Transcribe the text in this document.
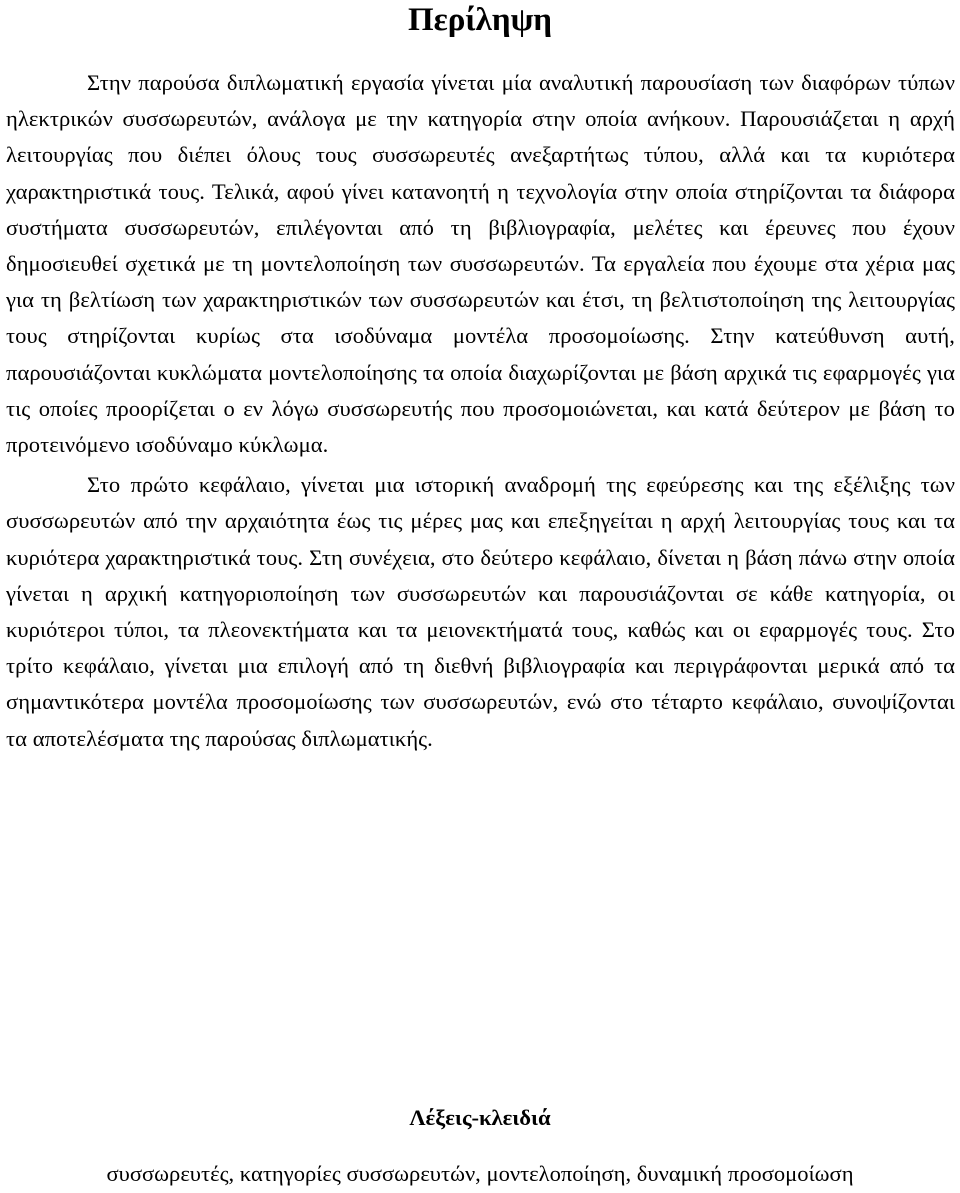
Περίληψη

Στην παρούσα διπλωματική εργασία γίνεται μία αναλυτική παρουσίαση των διαφόρων τύπων ηλεκτρικών συσσωρευτών, ανάλογα με την κατηγορία στην οποία ανήκουν. Παρουσιάζεται η αρχή λειτουργίας που διέπει όλους τους συσσωρευτές ανεξαρτήτως τύπου, αλλά και τα κυριότερα χαρακτηριστικά τους. Τελικά, αφού γίνει κατανοητή η τεχνολογία στην οποία στηρίζονται τα διάφορα συστήματα συσσωρευτών, επιλέγονται από τη βιβλιογραφία, μελέτες και έρευνες που έχουν δημοσιευθεί σχετικά με τη μοντελοποίηση των συσσωρευτών. Τα εργαλεία που έχουμε στα χέρια μας για τη βελτίωση των χαρακτηριστικών των συσσωρευτών και έτσι, τη βελτιστοποίηση της λειτουργίας τους στηρίζονται κυρίως στα ισοδύναμα μοντέλα προσομοίωσης. Στην κατεύθυνση αυτή, παρουσιάζονται κυκλώματα μοντελοποίησης τα οποία διαχωρίζονται με βάση αρχικά τις εφαρμογές για τις οποίες προορίζεται ο εν λόγω συσσωρευτής που προσομοιώνεται, και κατά δεύτερον με βάση το προτεινόμενο ισοδύναμο κύκλωμα.

Στο πρώτο κεφάλαιο, γίνεται μια ιστορική αναδρομή της εφεύρεσης και της εξέλιξης των συσσωρευτών από την αρχαιότητα έως τις μέρες μας και επεξηγείται η αρχή λειτουργίας τους και τα κυριότερα χαρακτηριστικά τους. Στη συνέχεια, στο δεύτερο κεφάλαιο, δίνεται η βάση πάνω στην οποία γίνεται η αρχική κατηγοριοποίηση των συσσωρευτών και παρουσιάζονται σε κάθε κατηγορία, οι κυριότεροι τύποι, τα πλεονεκτήματα και τα μειονεκτήματά τους, καθώς και οι εφαρμογές τους. Στο τρίτο κεφάλαιο, γίνεται μια επιλογή από τη διεθνή βιβλιογραφία και περιγράφονται μερικά από τα σημαντικότερα μοντέλα προσομοίωσης των συσσωρευτών, ενώ στο τέταρτο κεφάλαιο, συνοψίζονται τα αποτελέσματα της παρούσας διπλωματικής.

Λέξεις-κλειδιά

συσσωρευτές, κατηγορίες συσσωρευτών, μοντελοποίηση, δυναμική προσομοίωση
